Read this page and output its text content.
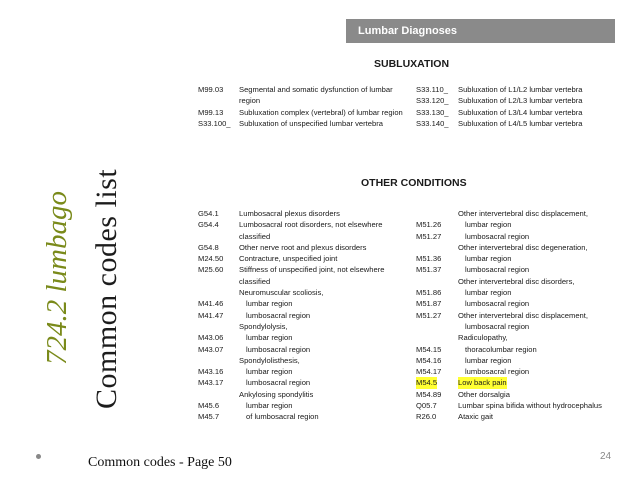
724.2 lumbago Common codes list
Lumbar Diagnoses
SUBLUXATION
M99.03 Segmental and somatic dysfunction of lumbar
region
M99.13 Subluxation complex (vertebral) of lumbar region
S33.100_ Subluxation of unspecified lumbar vertebra
S33.110_ Subluxation of L1/L2 lumbar vertebra
S33.120_ Subluxation of L2/L3 lumbar vertebra
S33.130_ Subluxation of L3/L4 lumbar vertebra
S33.140_ Subluxation of L4/L5 lumbar vertebra
OTHER CONDITIONS
G54.1	Lumbosacral plexus disorders
G54.4	Lumbosacral root disorders, not elsewhere
classified
G54.8	Other nerve root and plexus disorders
M24.50 Contracture, unspecified joint
M25.60 Stiffness of unspecified joint, not elsewhere
classified
Neuromuscular scoliosis,
M41.46	lumbar region
M41.47	lumbosacral region
Spondylolysis,
M43.06	lumbar region
M43.07	lumbosacral region
Spondylolisthesis,
M43.16	lumbar region
M43.17	lumbosacral region
Ankylosing spondylitis
M45.6	lumbar region
M45.7	of lumbosacral region
Other intervertebral disc displacement,
M51.26	lumbar region
M51.27	lumbosacral region
Other intervertebral disc degeneration,
M51.36	lumbar region
M51.37	lumbosacral region
Other intervertebral disc disorders,
M51.86	lumbar region
M51.87	lumbosacral region
M51.27 Other intervertebral disc displacement,
lumbosacral region
Radiculopathy,
M54.15	thoracolumbar region
M54.16	lumbar region
M54.17	lumbosacral region
M54.5	Low back pain
M54.89 Other dorsalgia
Q05.7	Lumbar spina bifida without hydrocephalus
R26.0	Ataxic gait
Common codes - Page 50	24
